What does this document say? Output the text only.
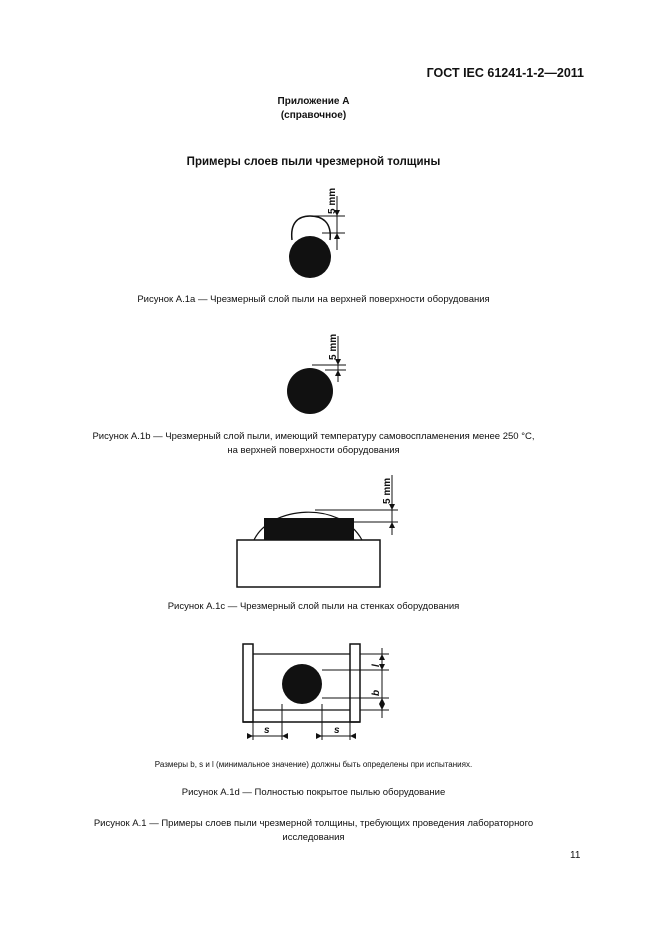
ГОСТ IEC 61241-1-2—2011
Приложение А
(справочное)
Примеры слоев пыли чрезмерной толщины
5 mm
Рисунок А.1а — Чрезмерный слой пыли на верхней поверхности оборудования
5 mm
Рисунок А.1b — Чрезмерный слой пыли, имеющий температуру самовоспламенения менее 250 °С,
на верхней поверхности оборудования
5 mm
Рисунок А.1с — Чрезмерный слой пыли на стенках оборудования
l
b
s	s
Размеры b, s и l (минимальное значение) должны быть определены при испытаниях.
Рисунок А.1d — Полностью покрытое пылью оборудование
Рисунок А.1 — Примеры слоев пыли чрезмерной толщины, требующих проведения лабораторного
исследования
11
